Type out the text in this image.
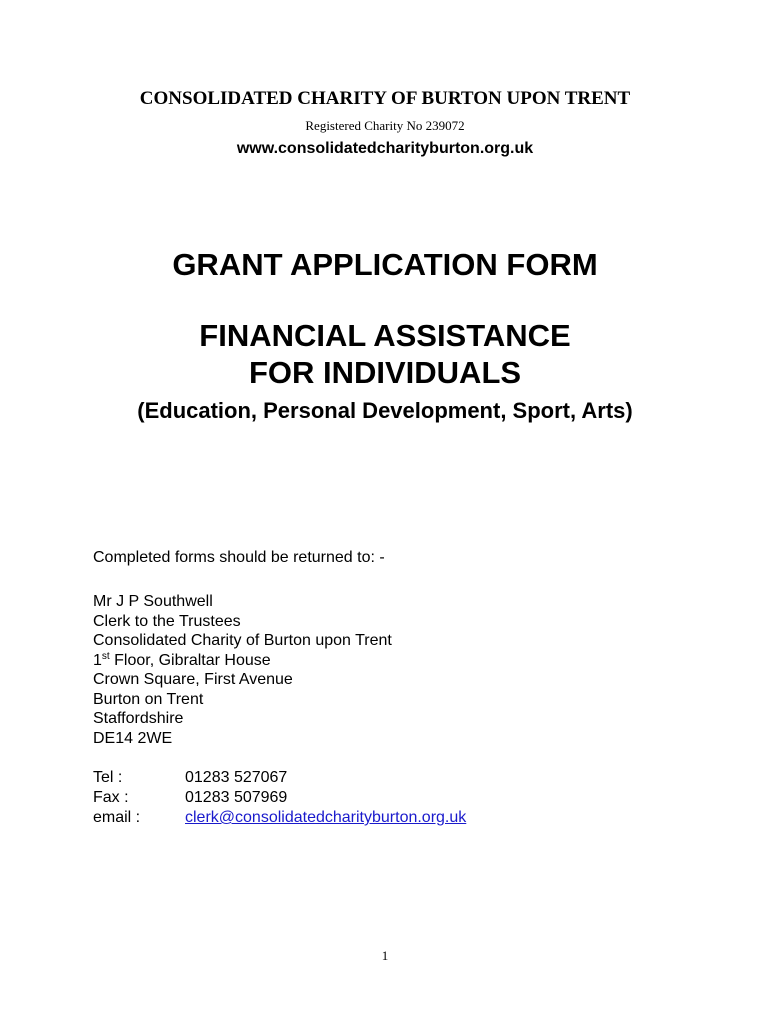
CONSOLIDATED CHARITY OF BURTON UPON TRENT
Registered Charity No 239072
www.consolidatedcharityburton.org.uk
GRANT APPLICATION FORM
FINANCIAL ASSISTANCE
FOR INDIVIDUALS
(Education, Personal Development, Sport, Arts)
Completed forms should be returned to: -
Mr J P Southwell
Clerk to the Trustees
Consolidated Charity of Burton upon Trent
1st Floor, Gibraltar House
Crown Square, First Avenue
Burton on Trent
Staffordshire
DE14 2WE
Tel :	01283 527067
Fax :	01283 507969
email :	clerk@consolidatedcharityburton.org.uk
1
